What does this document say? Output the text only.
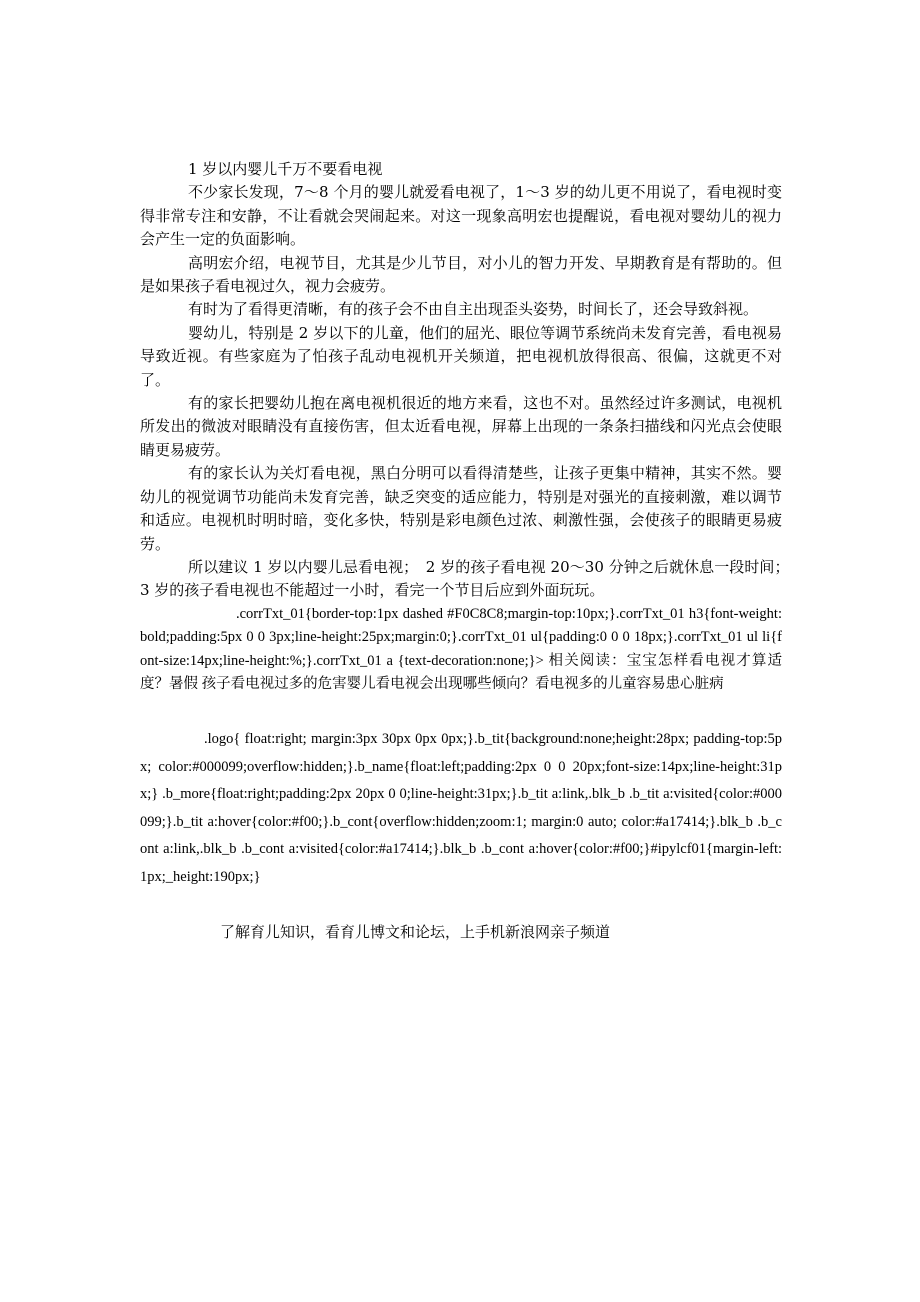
1 岁以内婴儿千万不要看电视

不少家长发现，7～8 个月的婴儿就爱看电视了，1～3 岁的幼儿更不用说了，看电视时变得非常专注和安静，不让看就会哭闹起来。对这一现象高明宏也提醒说，看电视对婴幼儿的视力会产生一定的负面影响。

高明宏介绍，电视节目，尤其是少儿节目，对小儿的智力开发、早期教育是有帮助的。但是如果孩子看电视过久，视力会疲劳。

有时为了看得更清晰，有的孩子会不由自主出现歪头姿势，时间长了，还会导致斜视。

婴幼儿，特别是 2 岁以下的儿童，他们的屈光、眼位等调节系统尚未发育完善，看电视易导致近视。有些家庭为了怕孩子乱动电视机开关频道，把电视机放得很高、很偏，这就更不对了。

有的家长把婴幼儿抱在离电视机很近的地方来看，这也不对。虽然经过许多测试，电视机所发出的微波对眼睛没有直接伤害，但太近看电视，屏幕上出现的一条条扫描线和闪光点会使眼睛更易疲劳。

有的家长认为关灯看电视，黑白分明可以看得清楚些，让孩子更集中精神，其实不然。婴幼儿的视觉调节功能尚未发育完善，缺乏突变的适应能力，特别是对强光的直接刺激，难以调节和适应。电视机时明时暗，变化多快，特别是彩电颜色过浓、刺激性强，会使孩子的眼睛更易疲劳。

所以建议 1 岁以内婴儿忌看电视；　2 岁的孩子看电视 20～30 分钟之后就休息一段时间；　3 岁的孩子看电视也不能超过一小时，看完一个节目后应到外面玩玩。

.corrTxt_01{border-top:1px dashed #F0C8C8;margin-top:10px;}.corrTxt_01 h3{font-weight:bold;padding:5px 0 0 3px;line-height:25px;margin:0;}.corrTxt_01 ul{padding:0 0 0 18px;}.corrTxt_01 ul li{font-size:14px;line-height:%;}.corrTxt_01 a {text-decoration:none;}> 相关阅读：宝宝怎样看电视才算适度？暑假 孩子看电视过多的危害婴儿看电视会出现哪些倾向？看电视多的儿童容易患心脏病
.logo{ float:right; margin:3px 30px 0px 0px;}.b_tit{background:none;height:28px; padding-top:5px; color:#000099;overflow:hidden;}.b_name{float:left;padding:2px 0 0 20px;font-size:14px;line-height:31px;} .b_more{float:right;padding:2px 20px 0 0;line-height:31px;}.b_tit a:link,.blk_b .b_tit a:visited{color:#000099;}.b_tit a:hover{color:#f00;}.b_cont{overflow:hidden;zoom:1; margin:0 auto; color:#a17414;}.blk_b .b_cont a:link,.blk_b .b_cont a:visited{color:#a17414;}.blk_b .b_cont a:hover{color:#f00;}#ipylcf01{margin-left:1px;_height:190px;}
了解育儿知识，看育儿博文和论坛，上手机新浪网亲子频道
